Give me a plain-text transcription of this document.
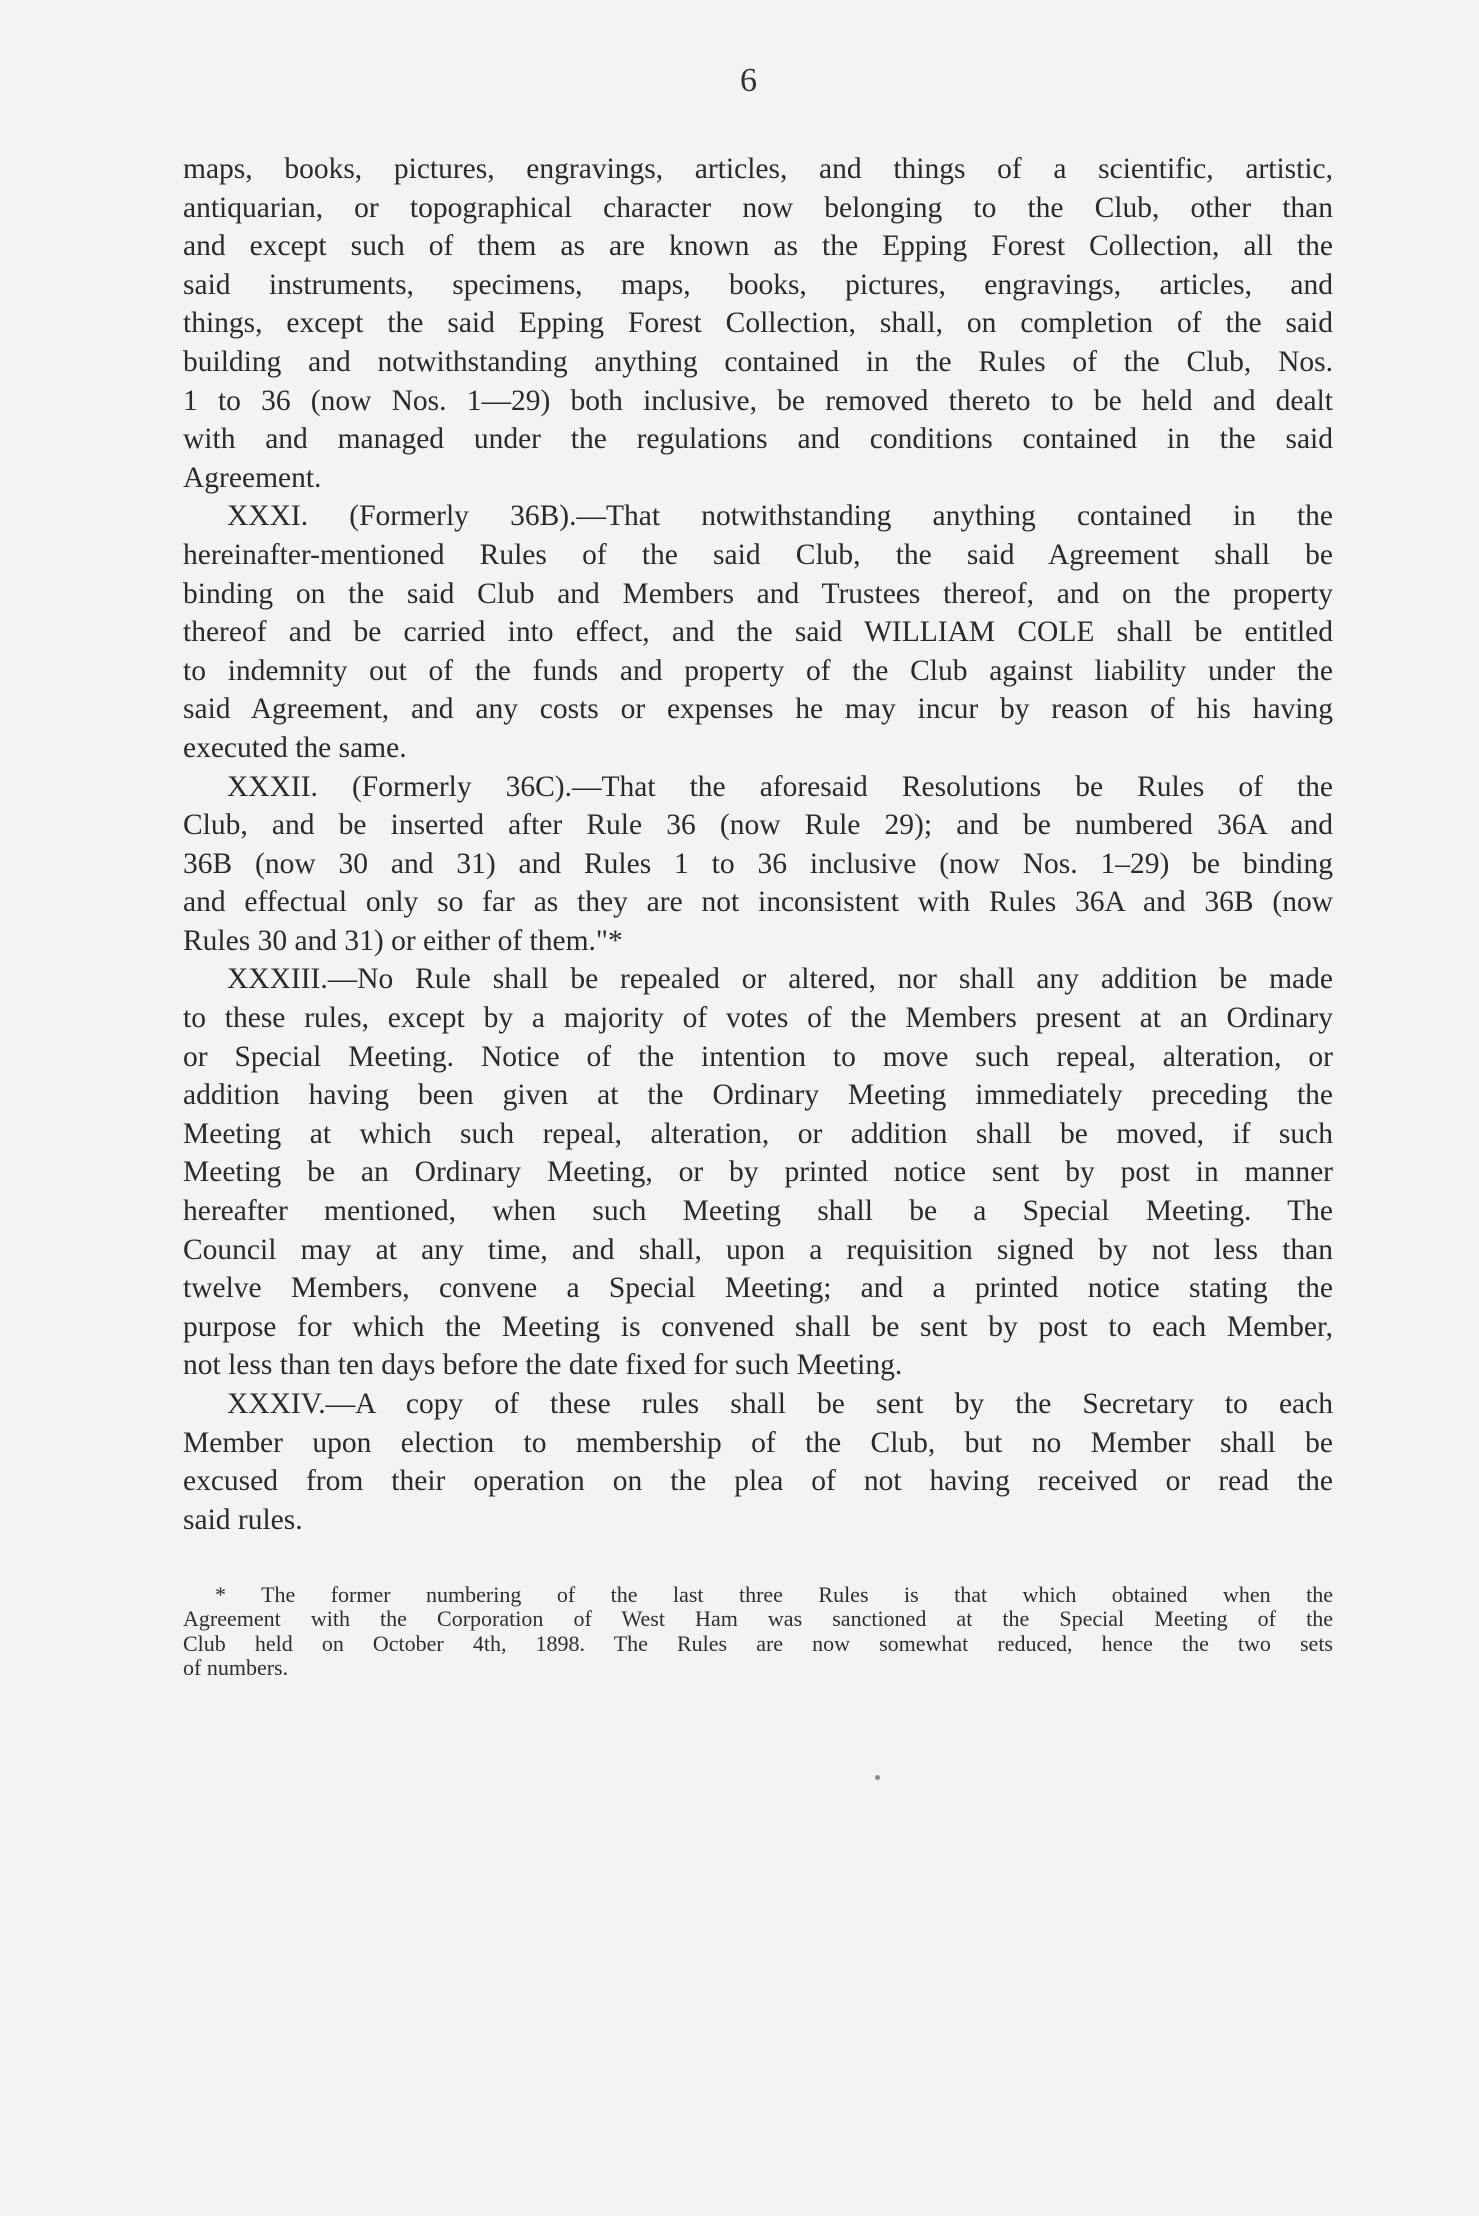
6
maps, books, pictures, engravings, articles, and things of a scientific, artistic,
antiquarian, or topographical character now belonging to the Club, other than
and except such of them as are known as the Epping Forest Collection, all the
said instruments, specimens, maps, books, pictures, engravings, articles, and
things, except the said Epping Forest Collection, shall, on completion of the said
building and notwithstanding anything contained in the Rules of the Club, Nos.
1 to 36 (now Nos. 1—29) both inclusive, be removed thereto to be held and dealt
with and managed under the regulations and conditions contained in the said
Agreement.
XXXI. (Formerly 36B).—That notwithstanding anything contained in the
hereinafter-mentioned Rules of the said Club, the said Agreement shall be
binding on the said Club and Members and Trustees thereof, and on the property
thereof and be carried into effect, and the said WILLIAM COLE shall be entitled
to indemnity out of the funds and property of the Club against liability under the
said Agreement, and any costs or expenses he may incur by reason of his having
executed the same.
XXXII. (Formerly 36C).—That the aforesaid Resolutions be Rules of the
Club, and be inserted after Rule 36 (now Rule 29); and be numbered 36A and
36B (now 30 and 31) and Rules 1 to 36 inclusive (now Nos. 1–29) be binding
and effectual only so far as they are not inconsistent with Rules 36A and 36B (now
Rules 30 and 31) or either of them."*
XXXIII.—No Rule shall be repealed or altered, nor shall any addition be made
to these rules, except by a majority of votes of the Members present at an Ordinary
or Special Meeting. Notice of the intention to move such repeal, alteration, or
addition having been given at the Ordinary Meeting immediately preceding the
Meeting at which such repeal, alteration, or addition shall be moved, if such
Meeting be an Ordinary Meeting, or by printed notice sent by post in manner
hereafter mentioned, when such Meeting shall be a Special Meeting. The
Council may at any time, and shall, upon a requisition signed by not less than
twelve Members, convene a Special Meeting; and a printed notice stating the
purpose for which the Meeting is convened shall be sent by post to each Member,
not less than ten days before the date fixed for such Meeting.
XXXIV.—A copy of these rules shall be sent by the Secretary to each
Member upon election to membership of the Club, but no Member shall be
excused from their operation on the plea of not having received or read the
said rules.
* The former numbering of the last three Rules is that which obtained when the
Agreement with the Corporation of West Ham was sanctioned at the Special Meeting of the
Club held on October 4th, 1898. The Rules are now somewhat reduced, hence the two sets
of numbers.
